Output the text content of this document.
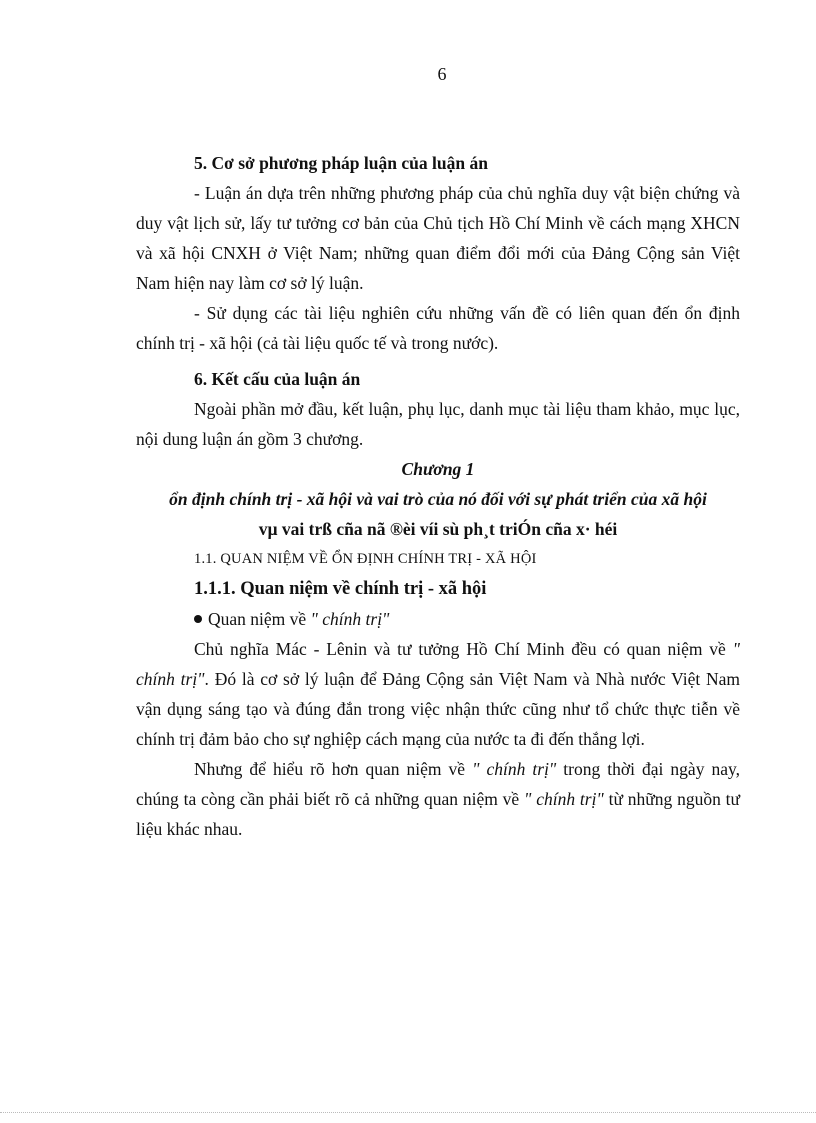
6

5. Cơ sở phương pháp luận của luận án

- Luận án dựa trên những phương pháp của chủ nghĩa duy vật biện chứng và duy vật lịch sử, lấy tư tưởng cơ bản của Chủ tịch Hồ Chí Minh về cách mạng XHCN và xã hội CNXH ở Việt Nam; những quan điểm đổi mới của Đảng Cộng sản Việt Nam hiện nay làm cơ sở lý luận.

- Sử dụng các tài liệu nghiên cứu những vấn đề có liên quan đến ổn định chính trị - xã hội (cả tài liệu quốc tế và trong nước).

6. Kết cấu của luận án

Ngoài phần mở đầu, kết luận, phụ lục, danh mục tài liệu tham khảo, mục lục, nội dung luận án gồm 3 chương.

Chương 1

ổn định chính trị - xã hội và vai trò của nó đối với sự phát triển của xã hội

vµ vai trß cña nã ®èi víi sù ph¸t triÓn cña x· héi

1.1. QUAN NIỆM VỀ ỔN ĐỊNH CHÍNH TRỊ - XÃ HỘI

1.1.1. Quan niệm về chính trị - xã hội

Quan niệm về " chính trị"

Chủ nghĩa Mác - Lênin và tư tưởng Hồ Chí Minh đều có quan niệm về " chính trị". Đó là cơ sở lý luận để Đảng Cộng sản Việt Nam và Nhà nước Việt Nam vận dụng sáng tạo và đúng đắn trong việc nhận thức cũng như tổ chức thực tiễn về chính trị đảm bảo cho sự nghiệp cách mạng của nước ta đi đến thắng lợi.

Nhưng để hiểu rõ hơn quan niệm về " chính trị" trong thời đại ngày nay, chúng ta còng cần phải biết rõ cả những quan niệm về " chính trị" từ những nguồn tư liệu khác nhau.
